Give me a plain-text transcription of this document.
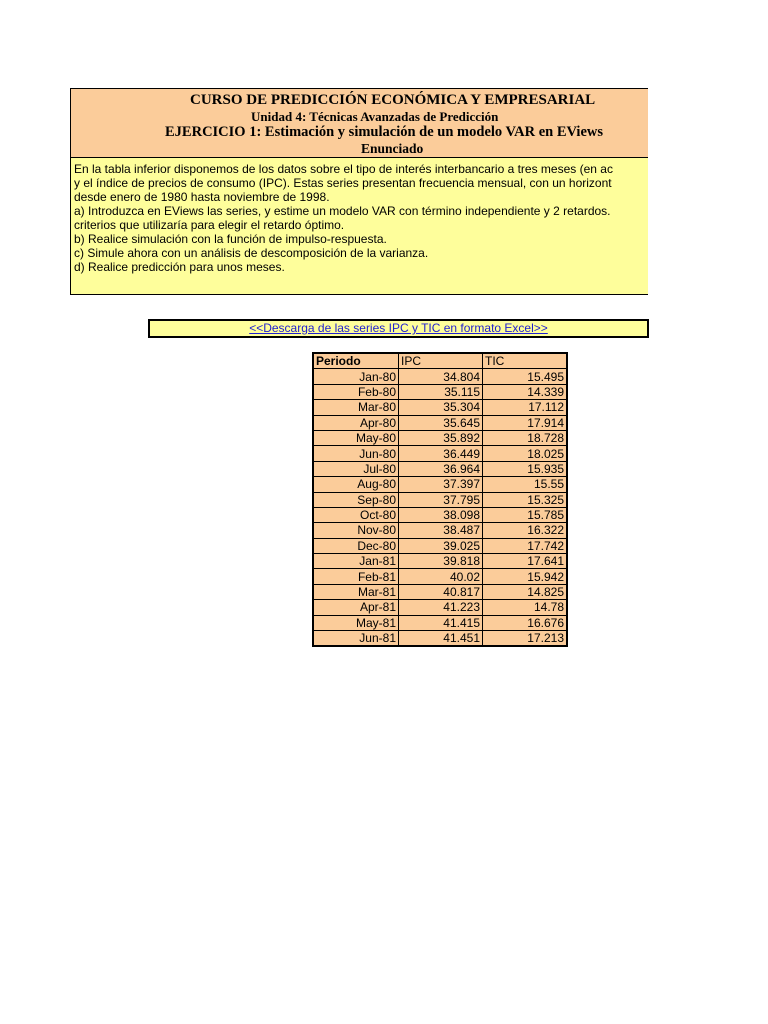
CURSO DE PREDICCIÓN ECONÓMICA Y EMPRESARIAL
Unidad 4: Técnicas Avanzadas de Predicción
EJERCICIO 1: Estimación y simulación de un modelo VAR en EViews
Enunciado
En la tabla inferior disponemos de los datos sobre el tipo de interés interbancario a tres meses (en ac
y el índice de precios de consumo (IPC). Estas series presentan frecuencia mensual, con un horizont
desde enero de 1980 hasta noviembre de 1998.
a) Introduzca en EViews las series, y estime un modelo VAR con término independiente y 2 retardos.
criterios que utilizaría para elegir el retardo óptimo.
b) Realice simulación con la función de impulso-respuesta.
c) Simule ahora con un análisis de descomposición de la varianza.
d) Realice predicción para unos meses.
<<Descarga de las series IPC y TIC en formato Excel>>
Periodo	IPC	TIC
Jan-80	34.804	15.495
Feb-80	35.115	14.339
Mar-80	35.304	17.112
Apr-80	35.645	17.914
May-80	35.892	18.728
Jun-80	36.449	18.025
Jul-80	36.964	15.935
Aug-80	37.397	15.55
Sep-80	37.795	15.325
Oct-80	38.098	15.785
Nov-80	38.487	16.322
Dec-80	39.025	17.742
Jan-81	39.818	17.641
Feb-81	40.02	15.942
Mar-81	40.817	14.825
Apr-81	41.223	14.78
May-81	41.415	16.676
Jun-81	41.451	17.213
